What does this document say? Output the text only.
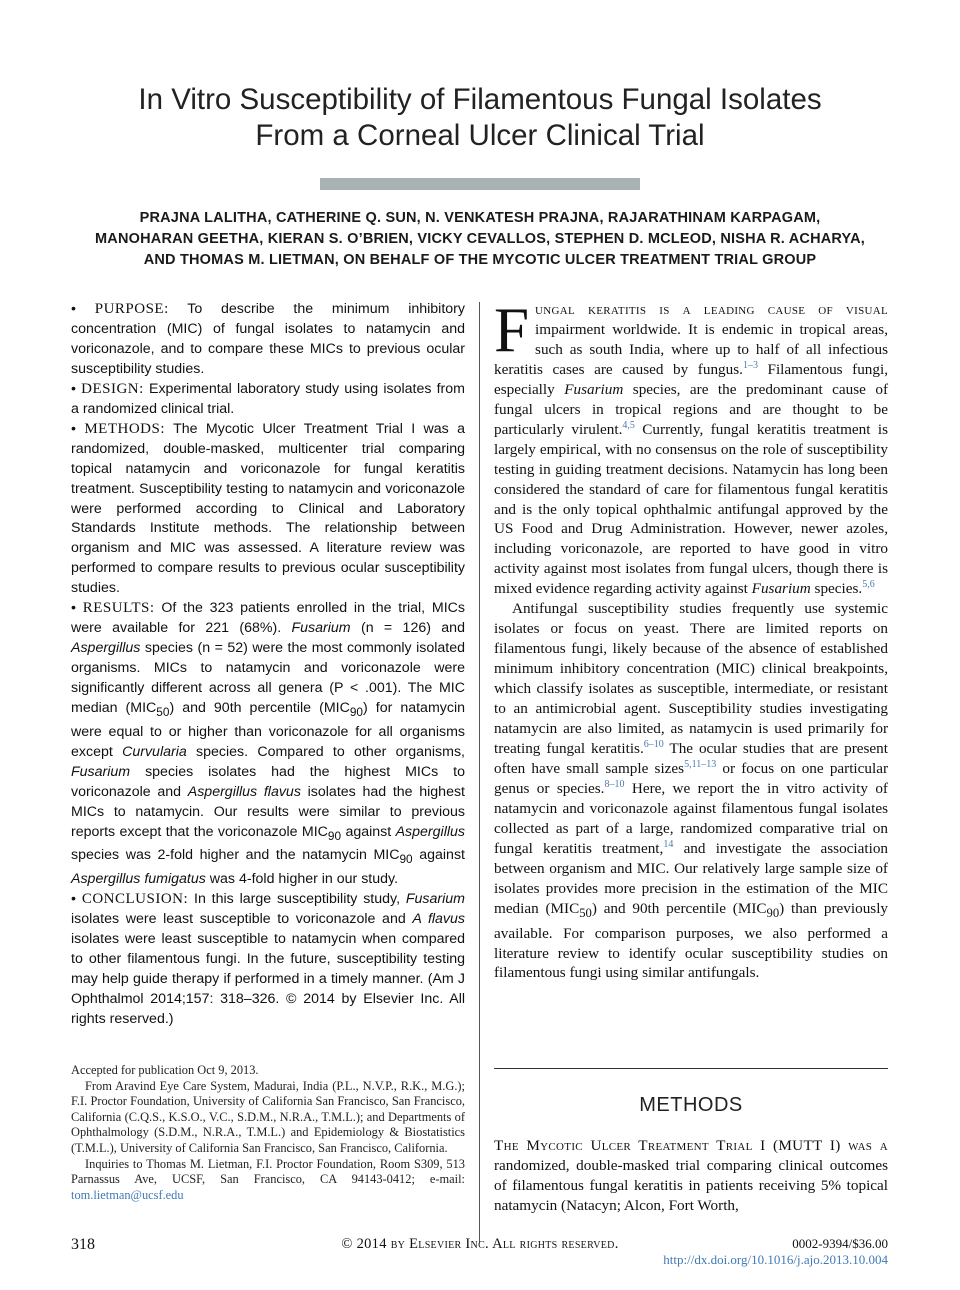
In Vitro Susceptibility of Filamentous Fungal Isolates
From a Corneal Ulcer Clinical Trial
PRAJNA LALITHA, CATHERINE Q. SUN, N. VENKATESH PRAJNA, RAJARATHINAM KARPAGAM,
MANOHARAN GEETHA, KIERAN S. O’BRIEN, VICKY CEVALLOS, STEPHEN D. MCLEOD, NISHA R. ACHARYA,
AND THOMAS M. LIETMAN, ON BEHALF OF THE MYCOTIC ULCER TREATMENT TRIAL GROUP

• PURPOSE: To describe the minimum inhibitory concentration (MIC) of fungal isolates to natamycin and voriconazole, and to compare these MICs to previous ocular susceptibility studies.

• DESIGN: Experimental laboratory study using isolates from a randomized clinical trial.

• METHODS: The Mycotic Ulcer Treatment Trial I was a randomized, double-masked, multicenter trial comparing topical natamycin and voriconazole for fungal keratitis treatment. Susceptibility testing to natamycin and voriconazole were performed according to Clinical and Laboratory Standards Institute methods. The relationship between organism and MIC was assessed. A literature review was performed to compare results to previous ocular susceptibility studies.

• RESULTS: Of the 323 patients enrolled in the trial, MICs were available for 221 (68%). Fusarium (n = 126) and Aspergillus species (n = 52) were the most commonly isolated organisms. MICs to natamycin and voriconazole were significantly different across all genera (P < .001). The MIC median $(MIC_{50})$ and 90th percentile $(MIC_{90})$ for natamycin were equal to or higher than voriconazole for all organisms except Curvularia species. Compared to other organisms, Fusarium species isolates had the highest MICs to voriconazole and Aspergillus flavus isolates had the highest MICs to natamycin. Our results were similar to previous reports except that the voriconazole $MIC_{90}$ against Aspergillus species was 2-fold higher and the natamycin $MIC_{90}$ against Aspergillus fumigatus was 4-fold higher in our study.

• CONCLUSION: In this large susceptibility study, Fusarium isolates were least susceptible to voriconazole and A flavus isolates were least susceptible to natamycin when compared to other filamentous fungi. In the future, susceptibility testing may help guide therapy if performed in a timely manner. (Am J Ophthalmol 2014;157: 318–326. © 2014 by Elsevier Inc. All rights reserved.)

Accepted for publication Oct 9, 2013.

From Aravind Eye Care System, Madurai, India (P.L., N.V.P., R.K., M.G.); F.I. Proctor Foundation, University of California San Francisco, San Francisco, California (C.Q.S., K.S.O., V.C., S.D.M., N.R.A., T.M.L.); and Departments of Ophthalmology (S.D.M., N.R.A., T.M.L.) and Epidemiology & Biostatistics (T.M.L.), University of California San Francisco, San Francisco, California.

Inquiries to Thomas M. Lietman, F.I. Proctor Foundation, Room S309, 513 Parnassus Ave, UCSF, San Francisco, CA 94143-0412; e-mail: tom.lietman@ucsf.edu

Fungal keratitis is a leading cause of visual impairment worldwide. It is endemic in tropical areas, such as south India, where up to half of all infectious keratitis cases are caused by fungus.$^{1-3}$ Filamentous fungi, especially Fusarium species, are the predominant cause of fungal ulcers in tropical regions and are thought to be particularly virulent.$^{4,5}$ Currently, fungal keratitis treatment is largely empirical, with no consensus on the role of susceptibility testing in guiding treatment decisions. Natamycin has long been considered the standard of care for filamentous fungal keratitis and is the only topical ophthalmic antifungal approved by the US Food and Drug Administration. However, newer azoles, including voriconazole, are reported to have good in vitro activity against most isolates from fungal ulcers, though there is mixed evidence regarding activity against Fusarium species.$^{5,6}$

Antifungal susceptibility studies frequently use systemic isolates or focus on yeast. There are limited reports on filamentous fungi, likely because of the absence of established minimum inhibitory concentration (MIC) clinical breakpoints, which classify isolates as susceptible, intermediate, or resistant to an antimicrobial agent. Susceptibility studies investigating natamycin are also limited, as natamycin is used primarily for treating fungal keratitis.$^{6-10}$ The ocular studies that are present often have small sample sizes$^{5,11-13}$ or focus on one particular genus or species.$^{8-10}$ Here, we report the in vitro activity of natamycin and voriconazole against filamentous fungal isolates collected as part of a large, randomized comparative trial on fungal keratitis treatment,$^{14}$ and investigate the association between organism and MIC. Our relatively large sample size of isolates provides more precision in the estimation of the MIC median $(MIC_{50})$ and 90th percentile $(MIC_{90})$ than previously available. For comparison purposes, we also performed a literature review to identify ocular susceptibility studies on filamentous fungi using similar antifungals.

METHODS

The Mycotic Ulcer Treatment Trial I (MUTT I) was a randomized, double-masked trial comparing clinical outcomes of filamentous fungal keratitis in patients receiving 5% topical natamycin (Natacyn; Alcon, Fort Worth,

318	© 2014 by Elsevier Inc. All rights reserved.	0002-9394/$36.00
http://dx.doi.org/10.1016/j.ajo.2013.10.004
